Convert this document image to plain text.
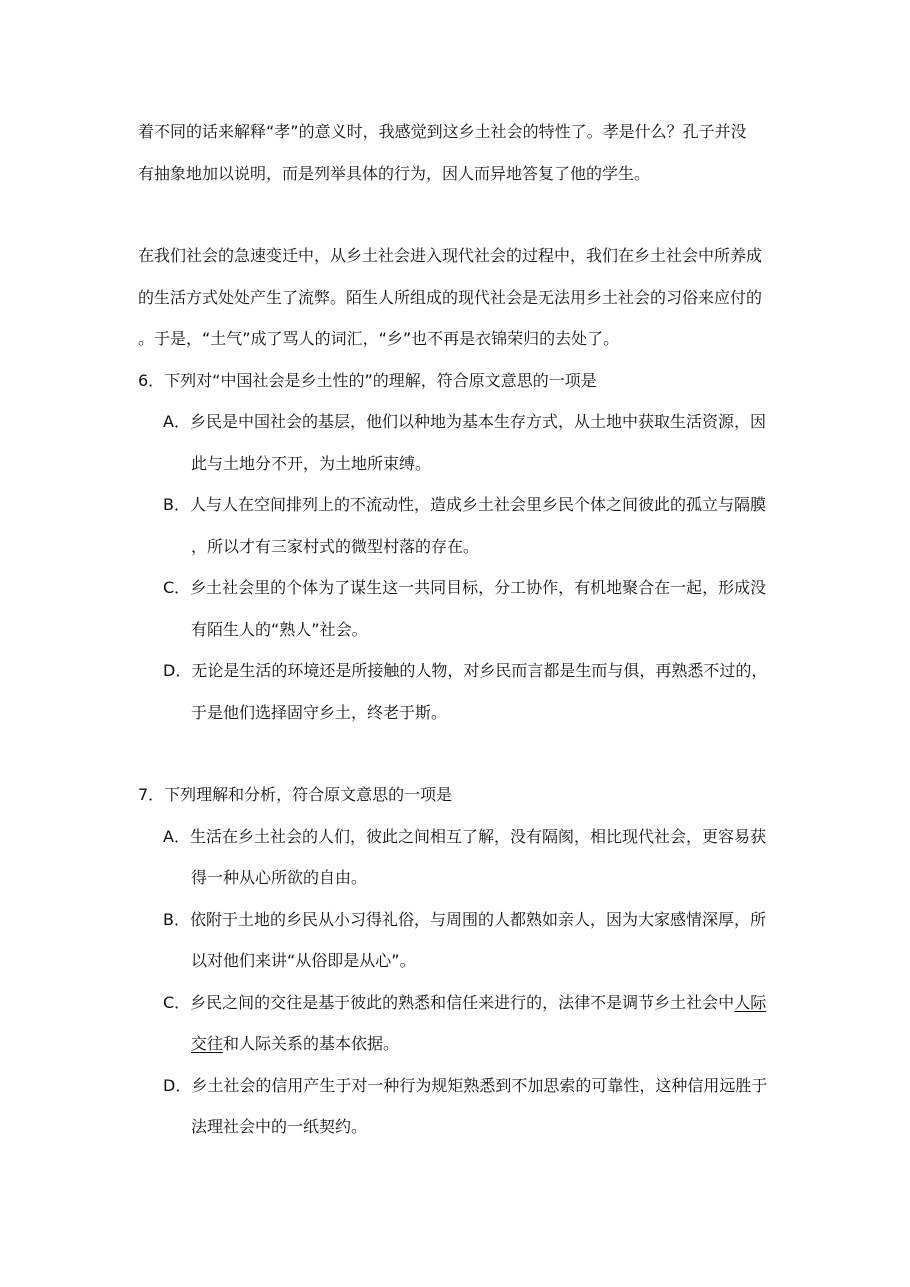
着不同的话来解释“孝”的意义时，我感觉到这乡土社会的特性了。孝是什么？孔子并没
有抽象地加以说明，而是列举具体的行为，因人而异地答复了他的学生。
在我们社会的急速变迁中，从乡土社会进入现代社会的过程中，我们在乡土社会中所养成
的生活方式处处产生了流弊。陌生人所组成的现代社会是无法用乡土社会的习俗来应付的
。于是，“土气”成了骂人的词汇，“乡”也不再是衣锦荣归的去处了。
6．下列对“中国社会是乡土性的”的理解，符合原文意思的一项是
A．乡民是中国社会的基层，他们以种地为基本生存方式，从土地中获取生活资源，因
此与土地分不开，为土地所束缚。
B．人与人在空间排列上的不流动性，造成乡土社会里乡民个体之间彼此的孤立与隔膜
，所以才有三家村式的微型村落的存在。
C．乡土社会里的个体为了谋生这一共同目标，分工协作，有机地聚合在一起，形成没
有陌生人的“熟人”社会。
D．无论是生活的环境还是所接触的人物，对乡民而言都是生而与俱，再熟悉不过的，
于是他们选择固守乡土，终老于斯。
7．下列理解和分析，符合原文意思的一项是
A．生活在乡土社会的人们，彼此之间相互了解，没有隔阂，相比现代社会，更容易获
得一种从心所欲的自由。
B．依附于土地的乡民从小习得礼俗，与周围的人都熟如亲人，因为大家感情深厚，所
以对他们来讲“从俗即是从心”。
C．乡民之间的交往是基于彼此的熟悉和信任来进行的，法律不是调节乡土社会中人际
交往和人际关系的基本依据。
D．乡土社会的信用产生于对一种行为规矩熟悉到不加思索的可靠性，这种信用远胜于
法理社会中的一纸契约。
